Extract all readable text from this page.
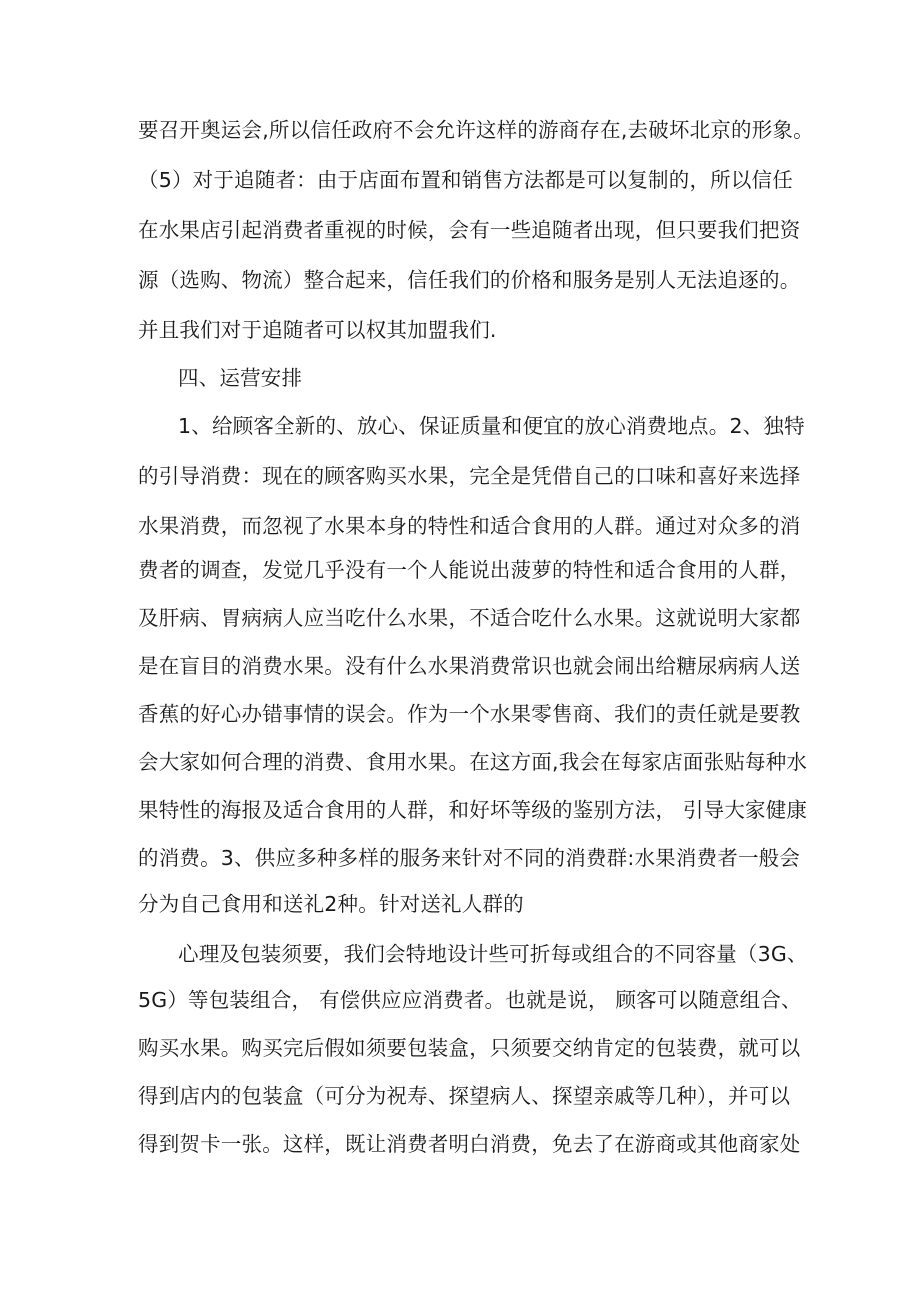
要召开奥运会,所以信任政府不会允许这样的游商存在,去破坏北京的形象。
（5）对于追随者：由于店面布置和销售方法都是可以复制的，所以信任
在水果店引起消费者重视的时候，会有一些追随者出现，但只要我们把资
源（选购、物流）整合起来，信任我们的价格和服务是别人无法追逐的。
并且我们对于追随者可以权其加盟我们.
四、运营安排
1、给顾客全新的、放心、保证质量和便宜的放心消费地点。2、独特
的引导消费：现在的顾客购买水果，完全是凭借自己的口味和喜好来选择
水果消费，而忽视了水果本身的特性和适合食用的人群。通过对众多的消
费者的调查，发觉几乎没有一个人能说出菠萝的特性和适合食用的人群，
及肝病、胃病病人应当吃什么水果，不适合吃什么水果。这就说明大家都
是在盲目的消费水果。没有什么水果消费常识也就会闹出给糖尿病病人送
香蕉的好心办错事情的误会。作为一个水果零售商、我们的责任就是要教
会大家如何合理的消费、食用水果。在这方面,我会在每家店面张贴每种水
果特性的海报及适合食用的人群，和好坏等级的鉴别方法， 引导大家健康
的消费。3、供应多种多样的服务来针对不同的消费群:水果消费者一般会
分为自己食用和送礼2种。针对送礼人群的
心理及包装须要，我们会特地设计些可折每或组合的不同容量（3G、
5G）等包装组合， 有偿供应应消费者。也就是说， 顾客可以随意组合、
购买水果。购买完后假如须要包装盒，只须要交纳肯定的包装费，就可以
得到店内的包装盒（可分为祝寿、探望病人、探望亲戚等几种），并可以
得到贺卡一张。这样，既让消费者明白消费，免去了在游商或其他商家处
